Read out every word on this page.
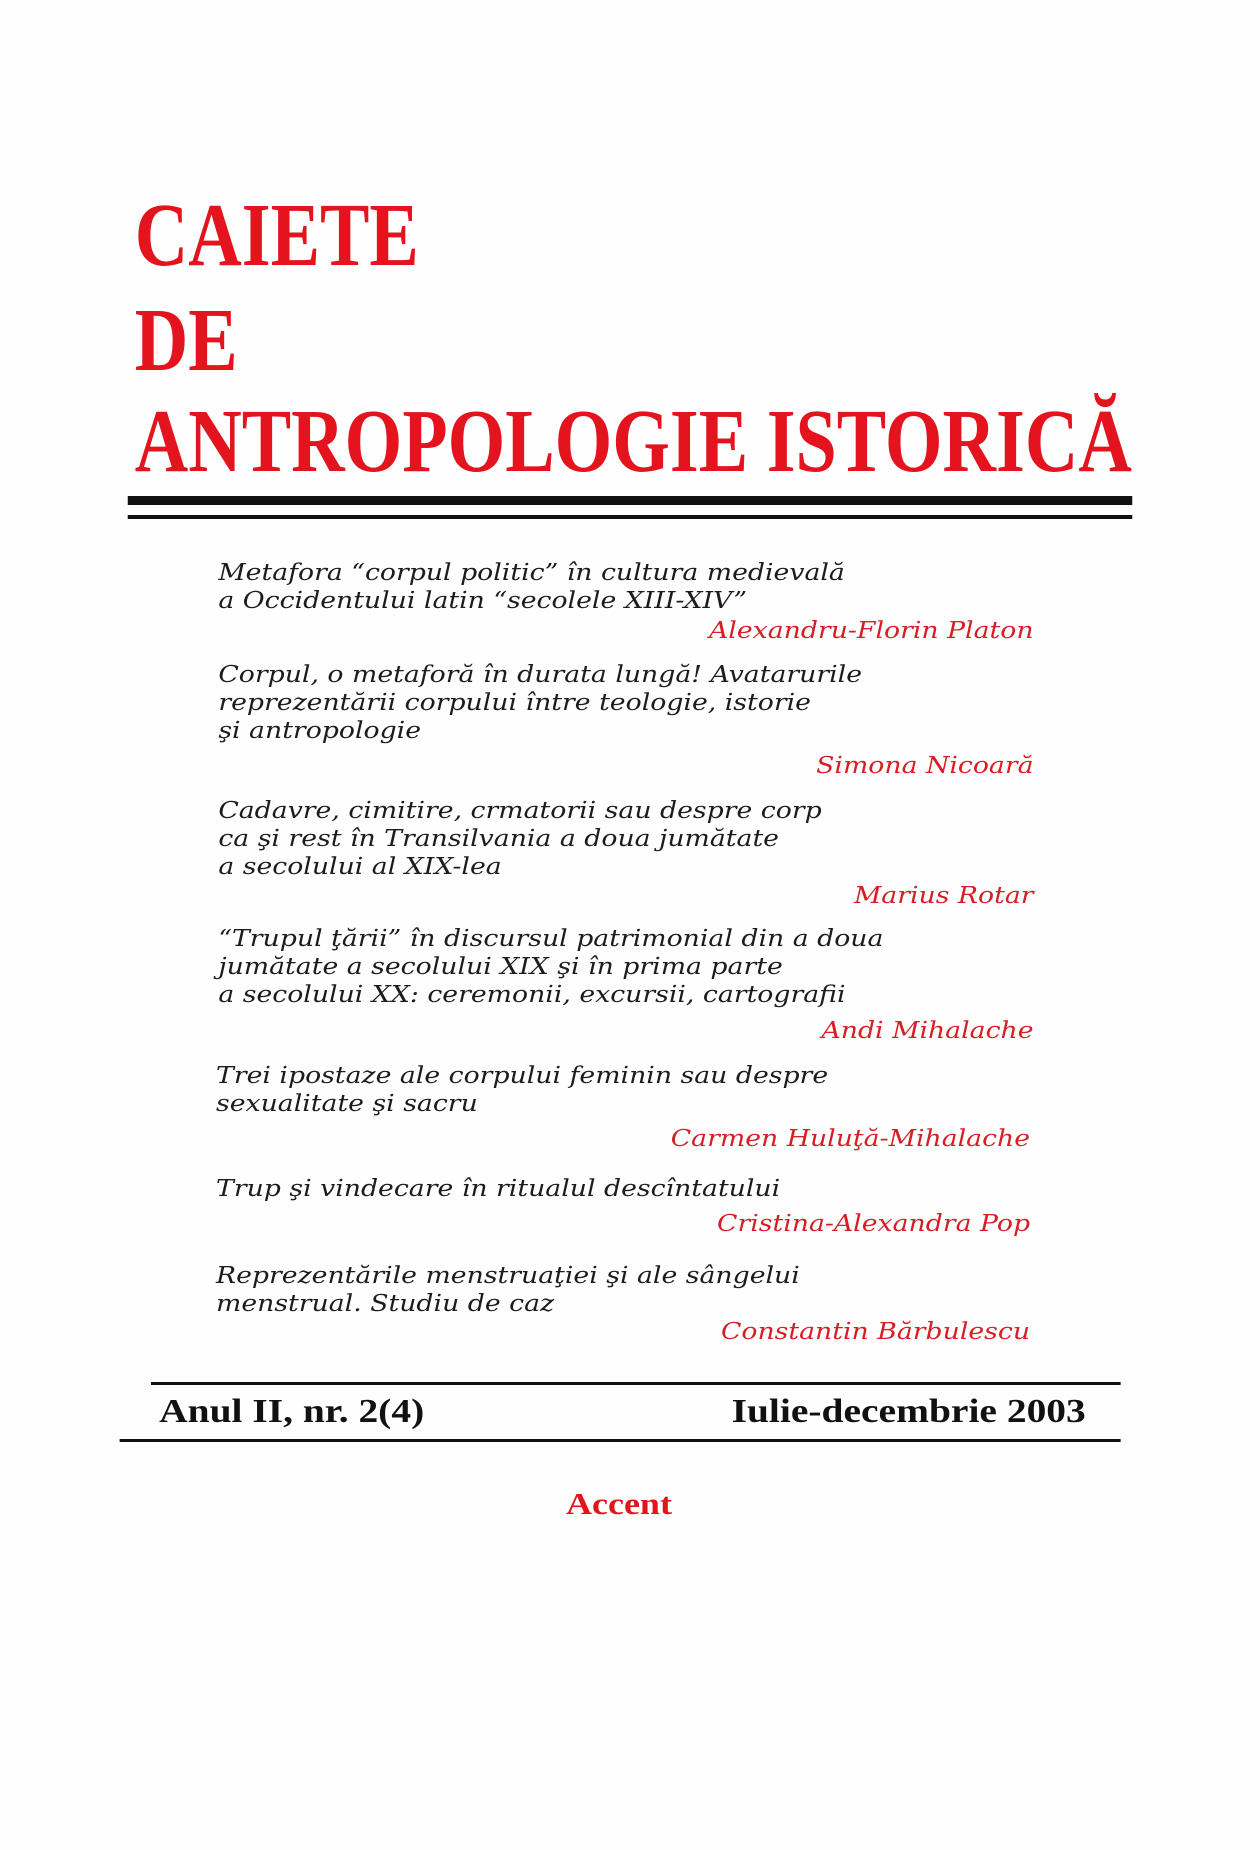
CAIETE
DE
ANTROPOLOGIE ISTORICĂ
Metafora “corpul politic” în cultura medievală
a Occidentului latin “secolele XIII-XIV”
Alexandru-Florin Platon
Corpul, o metaforă în durata lungă! Avatarurile
reprezentării corpului între teologie, istorie
şi antropologie
Simona Nicoară
Cadavre, cimitire, crmatorii sau despre corp
ca şi rest în Transilvania a doua jumătate
a secolului al XIX-lea
Marius Rotar
“Trupul ţării” în discursul patrimonial din a doua
jumătate a secolului XIX şi în prima parte
a secolului XX: ceremonii, excursii, cartografii
Andi Mihalache
Trei ipostaze ale corpului feminin sau despre
sexualitate şi sacru
Carmen Huluţă-Mihalache
Trup şi vindecare în ritualul descîntatului
Cristina-Alexandra Pop
Reprezentările menstruaţiei şi ale sângelui
menstrual. Studiu de caz
Constantin Bărbulescu
Anul II, nr. 2(4)	Iulie-decembrie 2003
Accent
